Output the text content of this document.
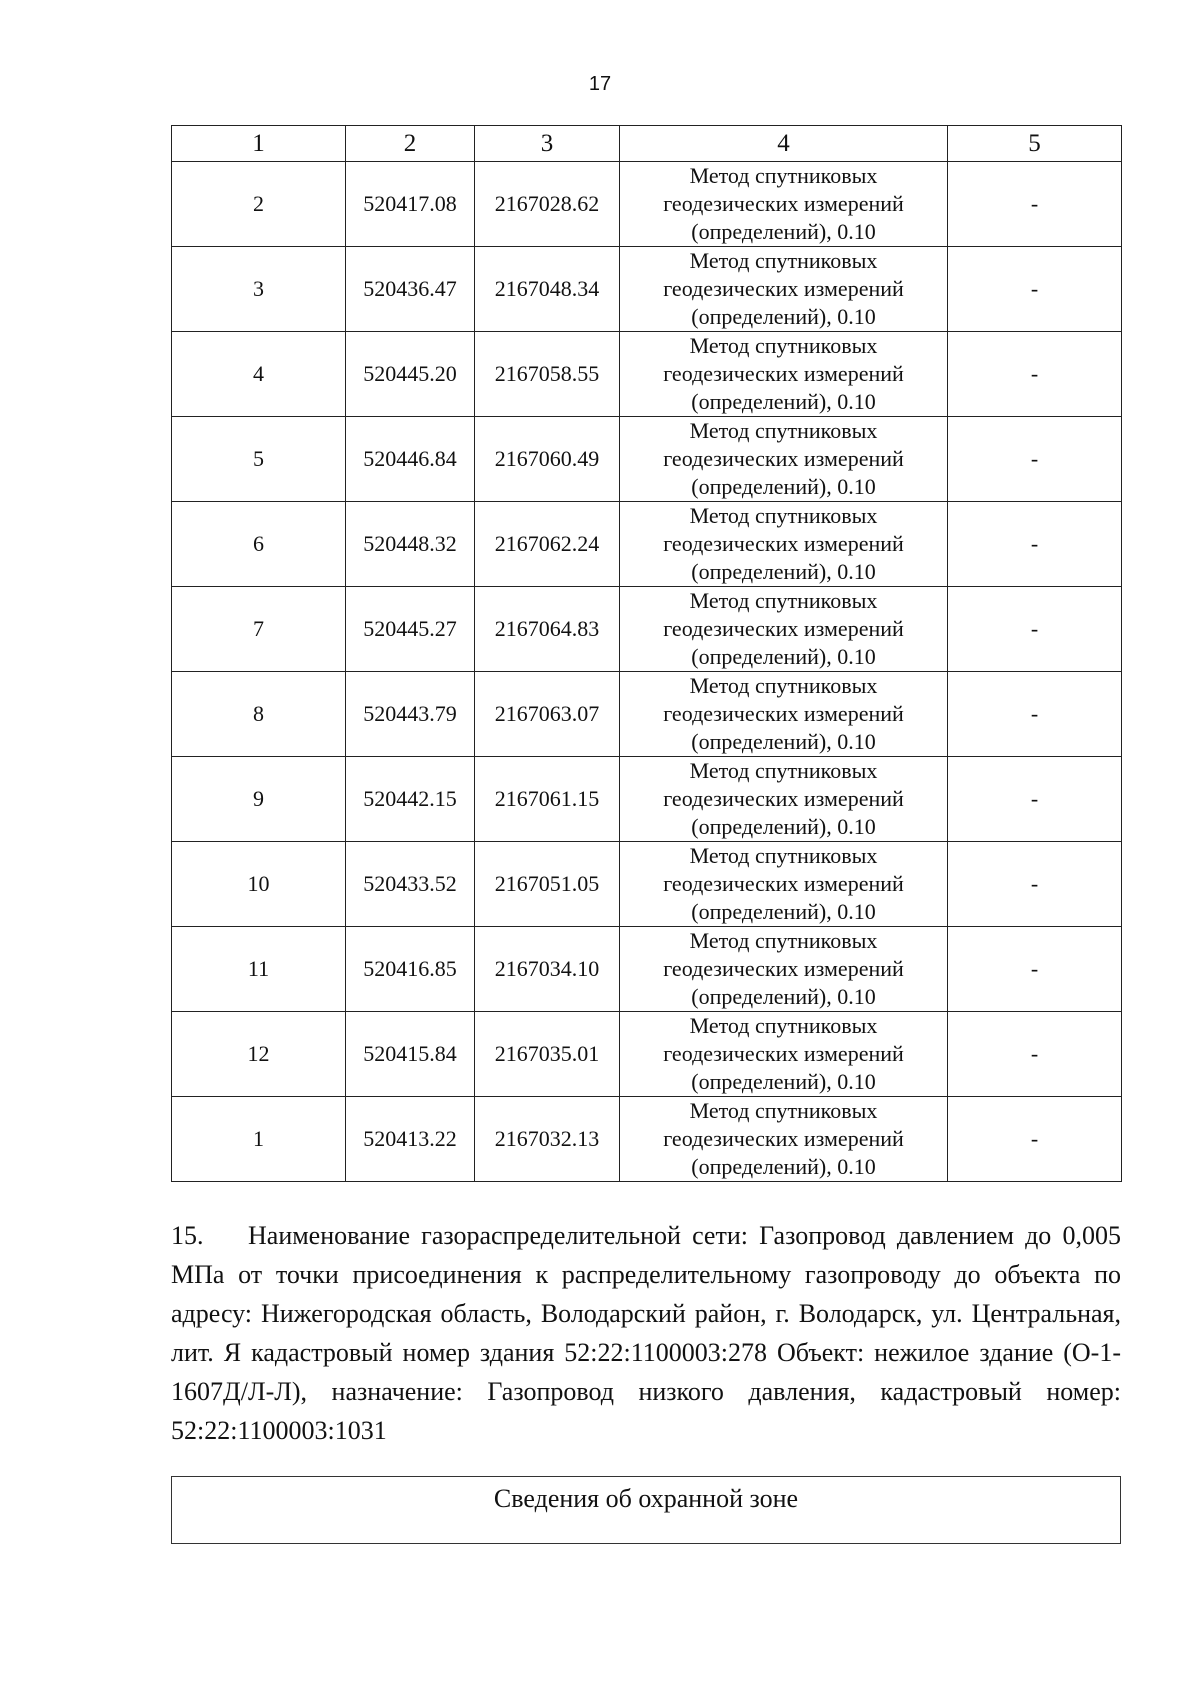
17
1	2	3	4	5
2	520417.08	2167028.62	Метод спутниковых
геодезических измерений
(определений), 0.10	-
3	520436.47	2167048.34	Метод спутниковых
геодезических измерений
(определений), 0.10	-
4	520445.20	2167058.55	Метод спутниковых
геодезических измерений
(определений), 0.10	-
5	520446.84	2167060.49	Метод спутниковых
геодезических измерений
(определений), 0.10	-
6	520448.32	2167062.24	Метод спутниковых
геодезических измерений
(определений), 0.10	-
7	520445.27	2167064.83	Метод спутниковых
геодезических измерений
(определений), 0.10	-
8	520443.79	2167063.07	Метод спутниковых
геодезических измерений
(определений), 0.10	-
9	520442.15	2167061.15	Метод спутниковых
геодезических измерений
(определений), 0.10	-
10	520433.52	2167051.05	Метод спутниковых
геодезических измерений
(определений), 0.10	-
11	520416.85	2167034.10	Метод спутниковых
геодезических измерений
(определений), 0.10	-
12	520415.84	2167035.01	Метод спутниковых
геодезических измерений
(определений), 0.10	-
1	520413.22	2167032.13	Метод спутниковых
геодезических измерений
(определений), 0.10	-

15. Наименование газораспределительной сети: Газопровод давлением до 0,005 МПа от точки присоединения к распределительному газопроводу до объекта по адресу: Нижегородская область, Володарский район, г. Володарск, ул. Центральная, лит. Я кадастровый номер здания 52:22:1100003:278 Объект: нежилое здание (О-1-1607Д/Л-Л), назначение: Газопровод низкого давления, кадастровый номер: 52:22:1100003:1031

Сведения об охранной зоне
